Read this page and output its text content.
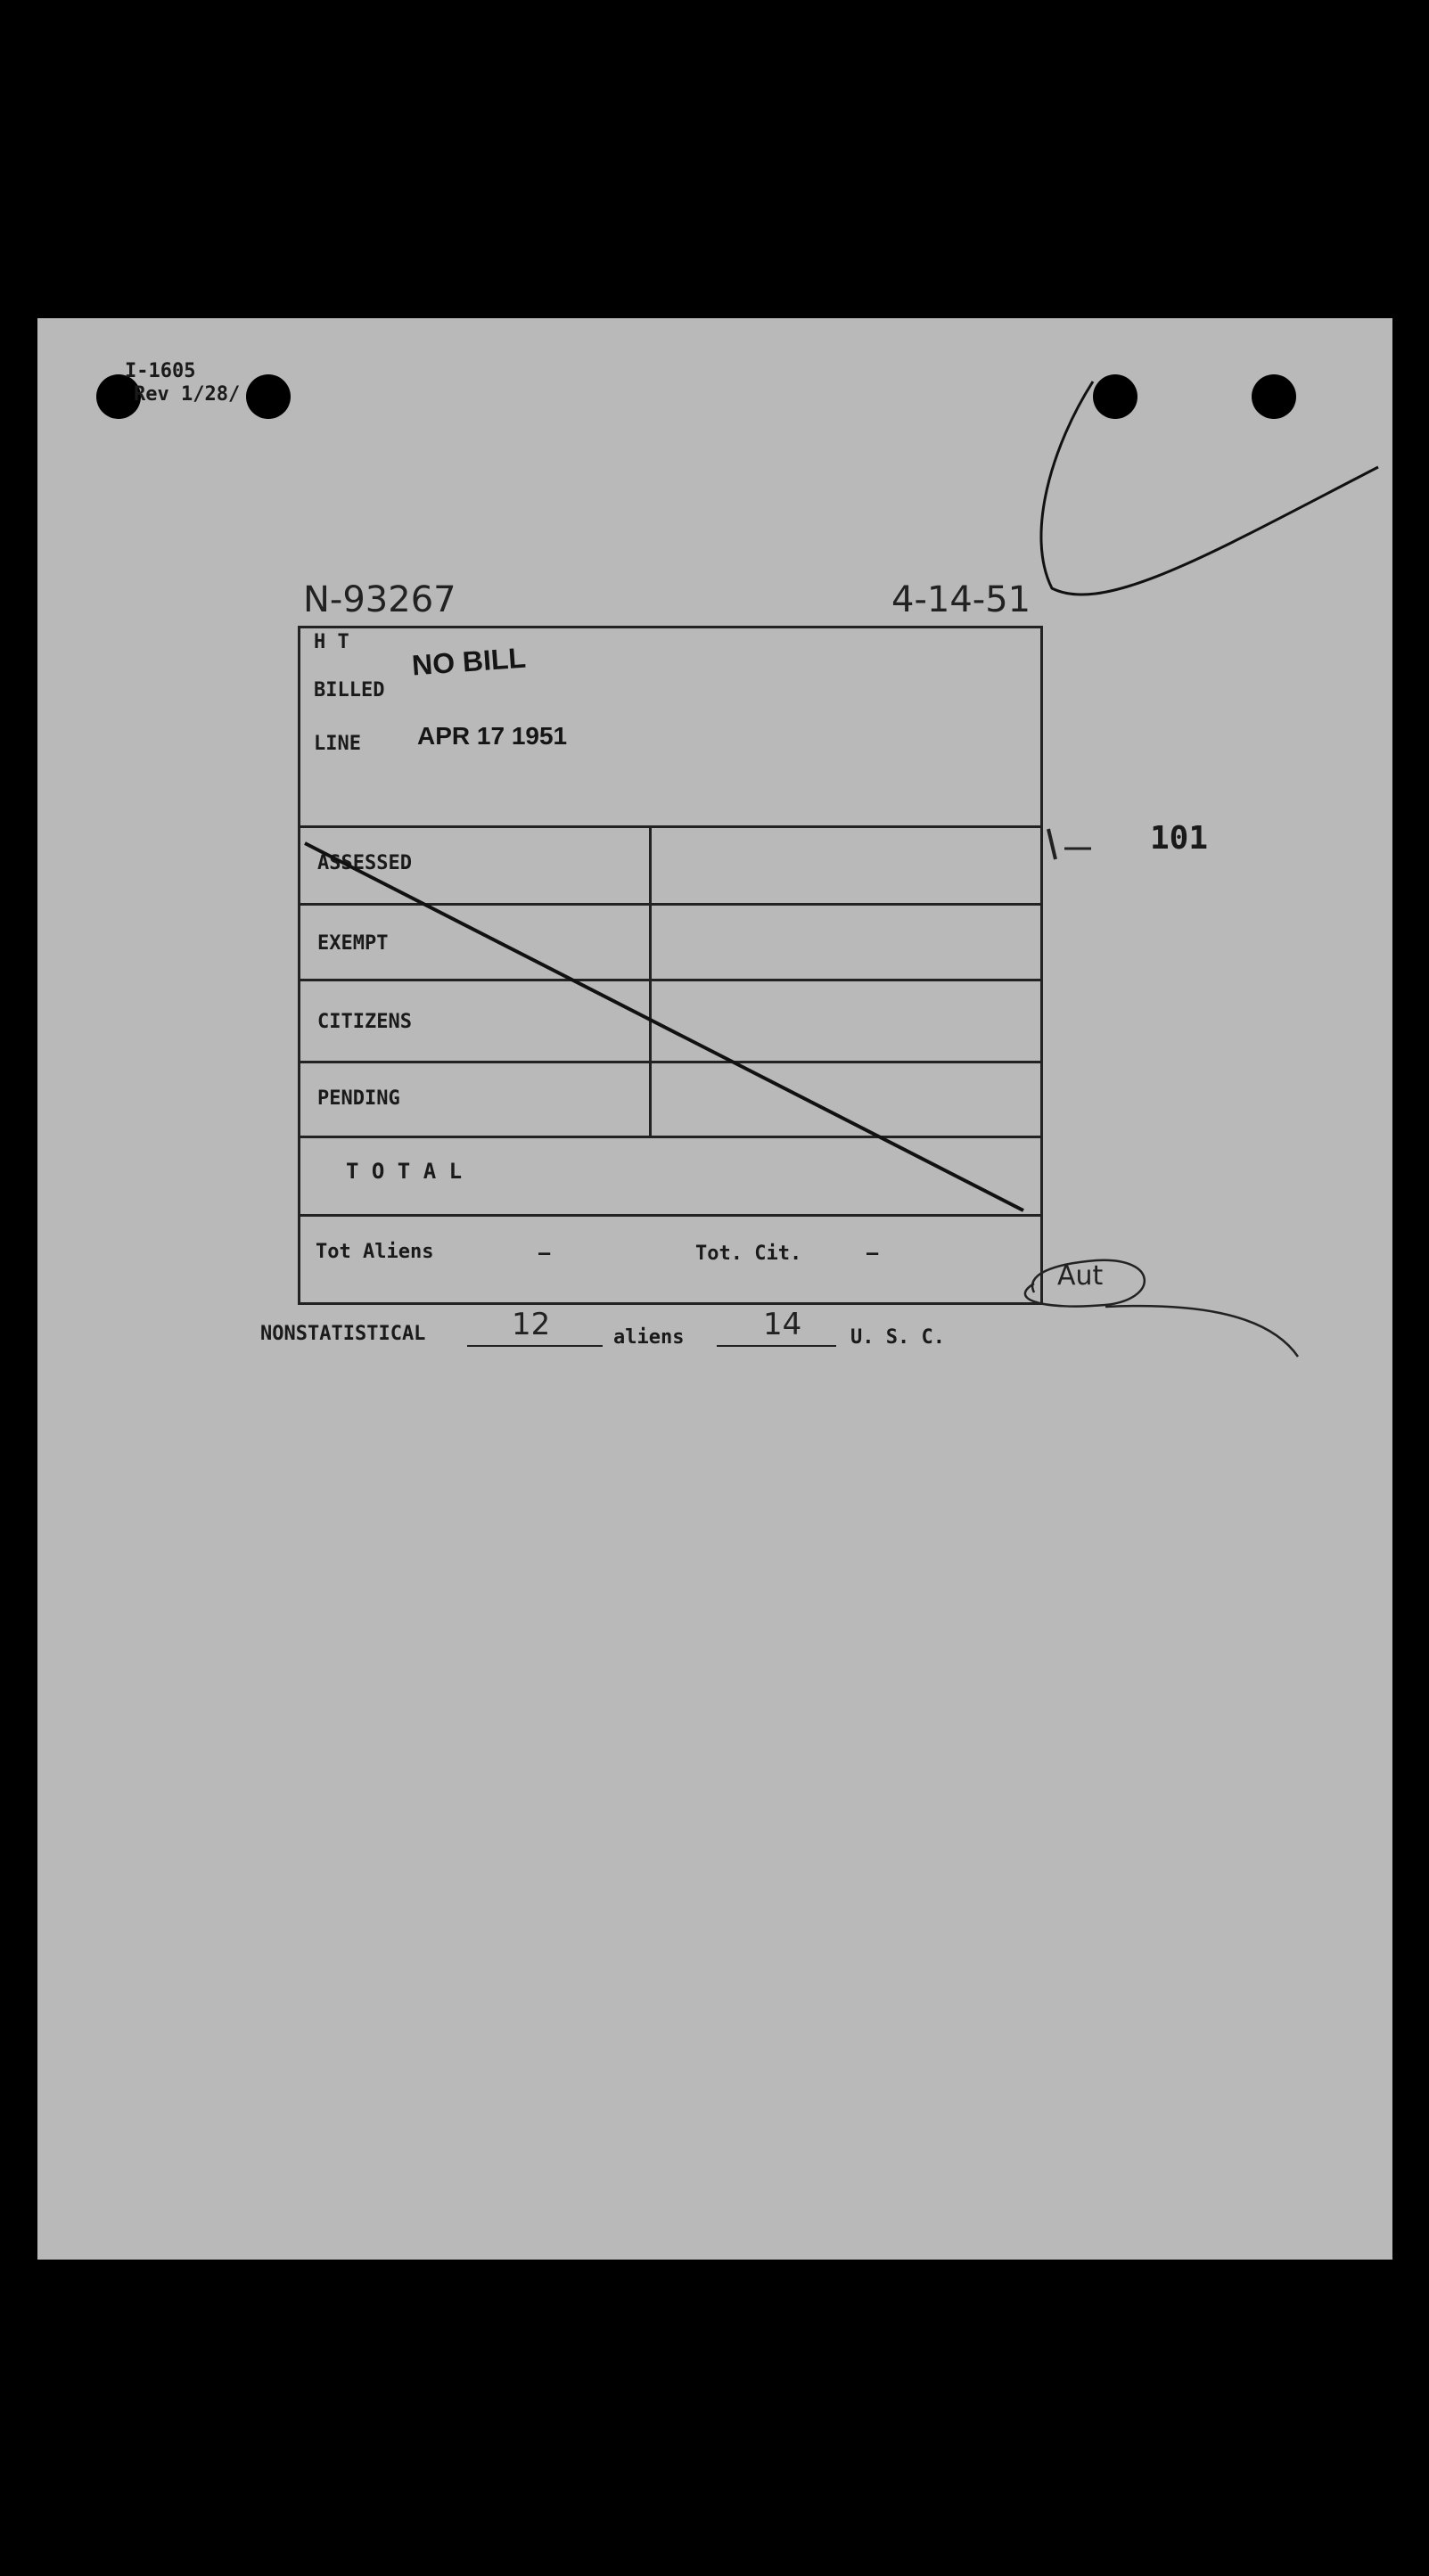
I-1605
Rev 1/28/
N-93267	4-14-51
H T
BILLED
NO BILL
LINE APR 17 1951
ASSESSED
EXEMPT
CITIZENS
PENDING
T O T A L
Tot Aliens	—	Tot. Cit.	—
101
Aut
NONSTATISTICAL	12	aliens	14 U. S. C.
